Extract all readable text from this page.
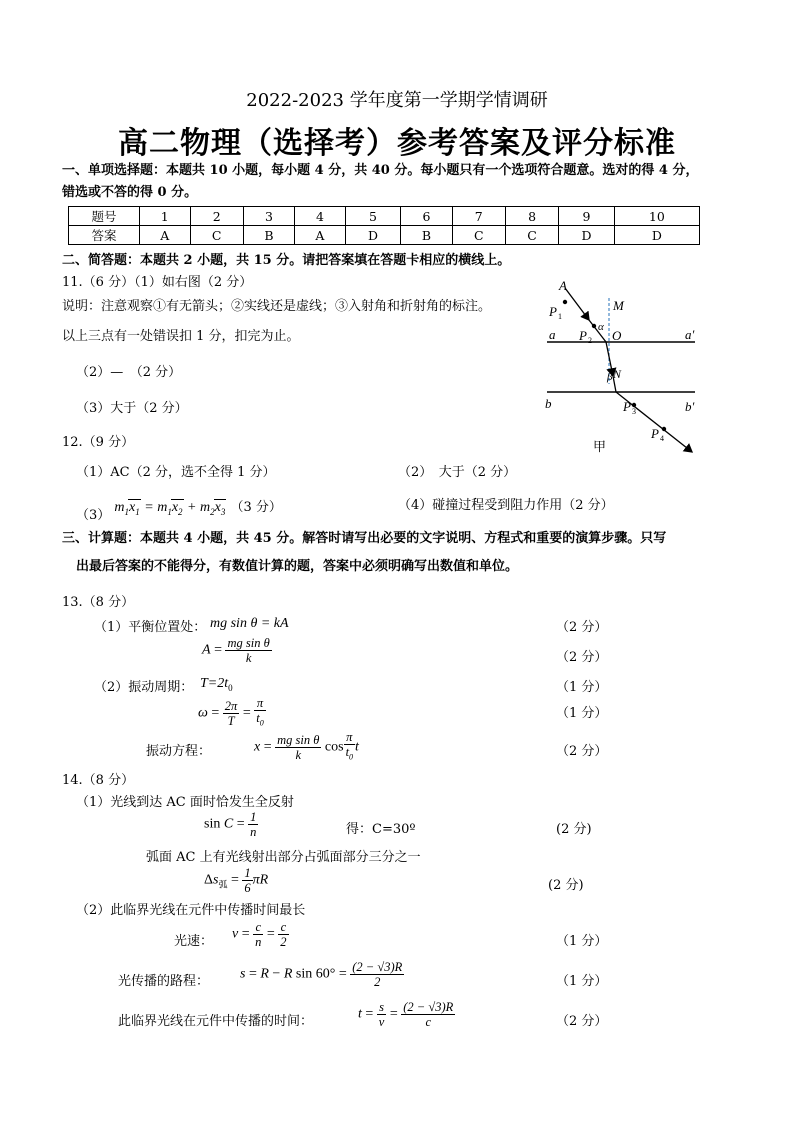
2022-2023 学年度第一学期学情调研
高二物理（选择考）参考答案及评分标准
一、单项选择题：本题共 10 小题，每小题 4 分，共 40 分。每小题只有一个选项符合题意。选对的得 4 分，
错选或不答的得 0 分。
题号	1	2	3	4	5	6	7	8	9	10
答案	A	C	B	A	D	B	C	C	D	D
二、简答题：本题共 2 小题，共 15 分。请把答案填在答题卡相应的横线上。
11.（6 分）（1）如右图（2 分）
说明：注意观察①有无箭头；②实线还是虚线；③入射角和折射角的标注。
以上三点有一处错误扣 1 分，扣完为止。
（2）—　（2 分）
（3）大于（2 分）
A
P 1
M
α
P 2 O
a	a′
β N
b	P 3	b′
P 4
甲
12.（9 分）
（1）AC（2 分，选不全得 1 分）	（2）　大于（2 分）
（3） $m_1x_1 = m_1x_2 + m_2x_3$ （3 分）	（4）碰撞过程受到阻力作用（2 分）
三、计算题：本题共 4 小题，共 45 分。解答时请写出必要的文字说明、方程式和重要的演算步骤。只写
出最后答案的不能得分，有数值计算的题，答案中必须明确写出数值和单位。
13.（8 分）
（1）平衡位置处： mg sin θ = kA	（2 分）
$A = \frac{\text{mg sin θ}}{k}$	（2 分）
（2）振动周期： $T=2t_0$	（1 分）
$\omega = \frac{2\pi}{T} = \frac{\pi}{t_0}$	（1 分）
振动方程：	$x = \frac{\text{mg sin θ}}{k}$ $\cos \frac{\pi}{t_0}$ t	（2 分）
14.（8 分）
（1）光线到达 AC 面时恰发生全反射
$\sin C = \frac{1}{n}$	得：C=30º	(2 分)
弧面 AC 上有光线射出部分占弧面部分三分之一
$\Delta s_弧 = \frac{1}{6}$ πR	(2 分)
（2）此临界光线在元件中传播时间最长
光速： $v = \frac{c}{n} = \frac{c}{2}$	（1 分）
光传播的路程： s = R − R $\sin 60^\circ = \frac{(2 - √3)R}{2}$	（1 分）
此临界光线在元件中传播的时间：	$t = \frac{s}{v} = \frac{(2 - √3)R}{c}$	（2 分）
